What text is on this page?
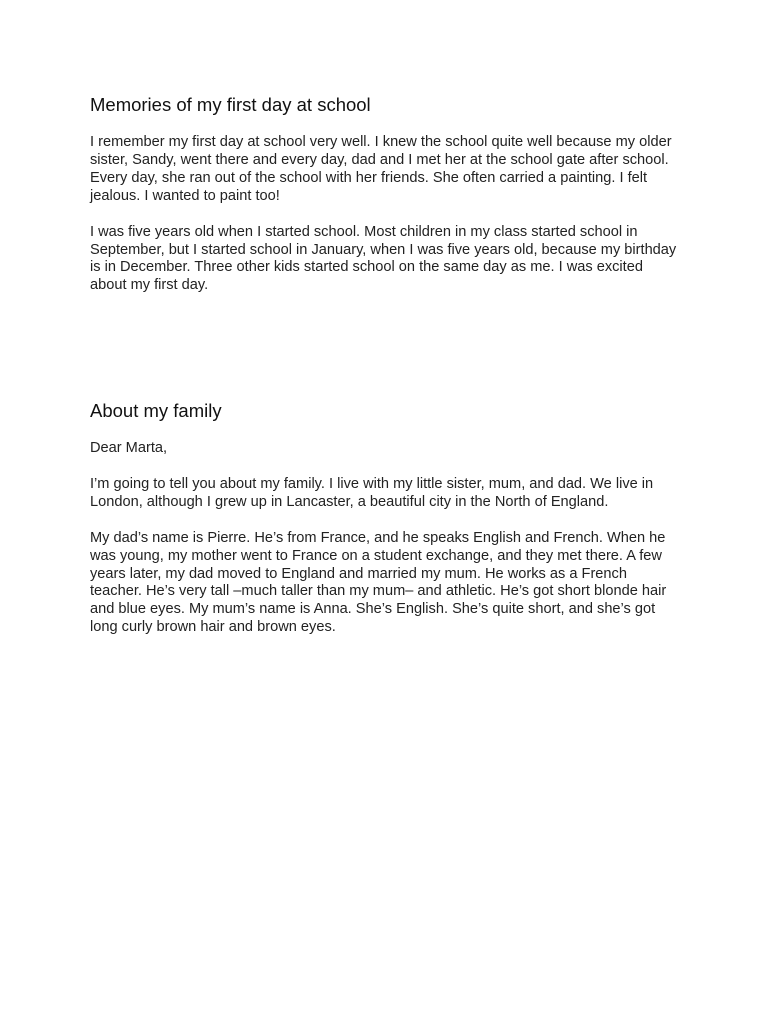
Memories of my first day at school

I remember my first day at school very well. I knew the school quite well because my older sister, Sandy, went there and every day, dad and I met her at the school gate after school. Every day, she ran out of the school with her friends. She often carried a painting. I felt jealous. I wanted to paint too!

I was five years old when I started school. Most children in my class started school in September, but I started school in January, when I was five years old, because my birthday is in December. Three other kids started school on the same day as me. I was excited about my first day.

About my family

Dear Marta,

I’m going to tell you about my family. I live with my little sister, mum, and dad. We live in London, although I grew up in Lancaster, a beautiful city in the North of England.

My dad’s name is Pierre. He’s from France, and he speaks English and French. When he was young, my mother went to France on a student exchange, and they met there. A few years later, my dad moved to England and married my mum. He works as a French teacher. He’s very tall –much taller than my mum– and athletic. He’s got short blonde hair and blue eyes. My mum’s name is Anna. She’s English. She’s quite short, and she’s got long curly brown hair and brown eyes.
